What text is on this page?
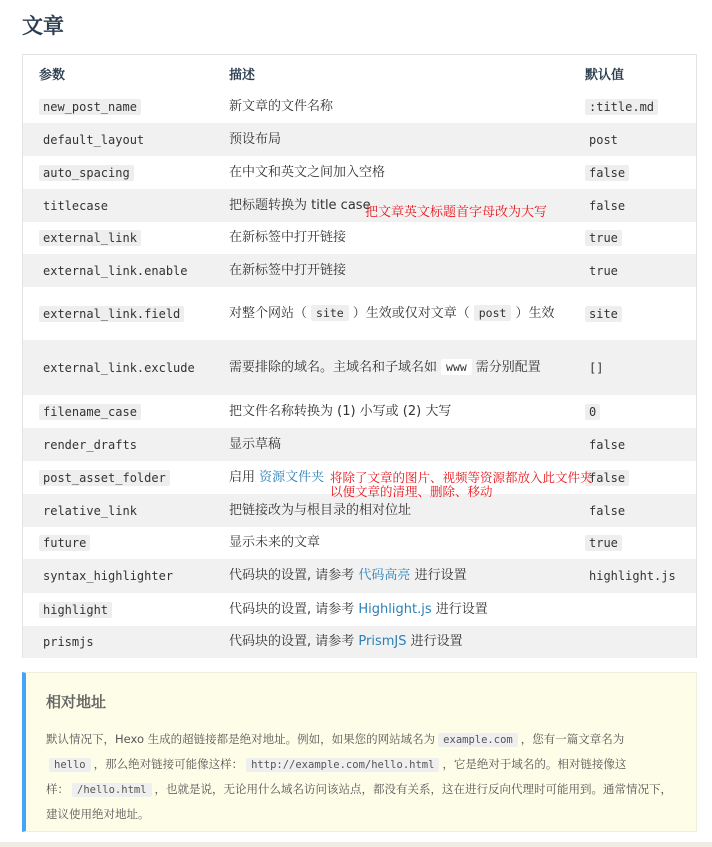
文章
参数	描述	默认值
new_post_name	新文章的文件名称	:title.md
default_layout	预设布局	post
auto_spacing	在中文和英文之间加入空格	false
titlecase	把标题转换为 title case	false
external_link	在新标签中打开链接	true
external_link.enable	在新标签中打开链接	true
external_link.field	对整个网站（ site ）生效或仅对文章（ post ）生效	site
external_link.exclude	需要排除的域名。主域名和子域名如 www 需分别配置	[]
filename_case	把文件名称转换为 (1) 小写或 (2) 大写	0
render_drafts	显示草稿	false
post_asset_folder	启用 资源文件夹	false
relative_link	把链接改为与根目录的相对位址	false
future	显示未来的文章	true
syntax_highlighter	代码块的设置, 请参考 代码高亮 进行设置	highlight.js
highlight	代码块的设置, 请参考 Highlight.js 进行设置
prismjs	代码块的设置, 请参考 PrismJS 进行设置
把文章英文标题首字母改为大写
将除了文章的图片、视频等资源都放入此文件夹
以便文章的清理、删除、移动
相对地址
默认情况下，Hexo 生成的超链接都是绝对地址。例如，如果您的网站域名为 example.com ，您有一篇文章名为hello ，那么绝对链接可能像这样： http://example.com/hello.html ，它是绝对于域名的。相对链接像这样： /hello.html ，也就是说，无论用什么域名访问该站点，都没有关系，这在进行反向代理时可能用到。通常情况下，建议使用绝对地址。
